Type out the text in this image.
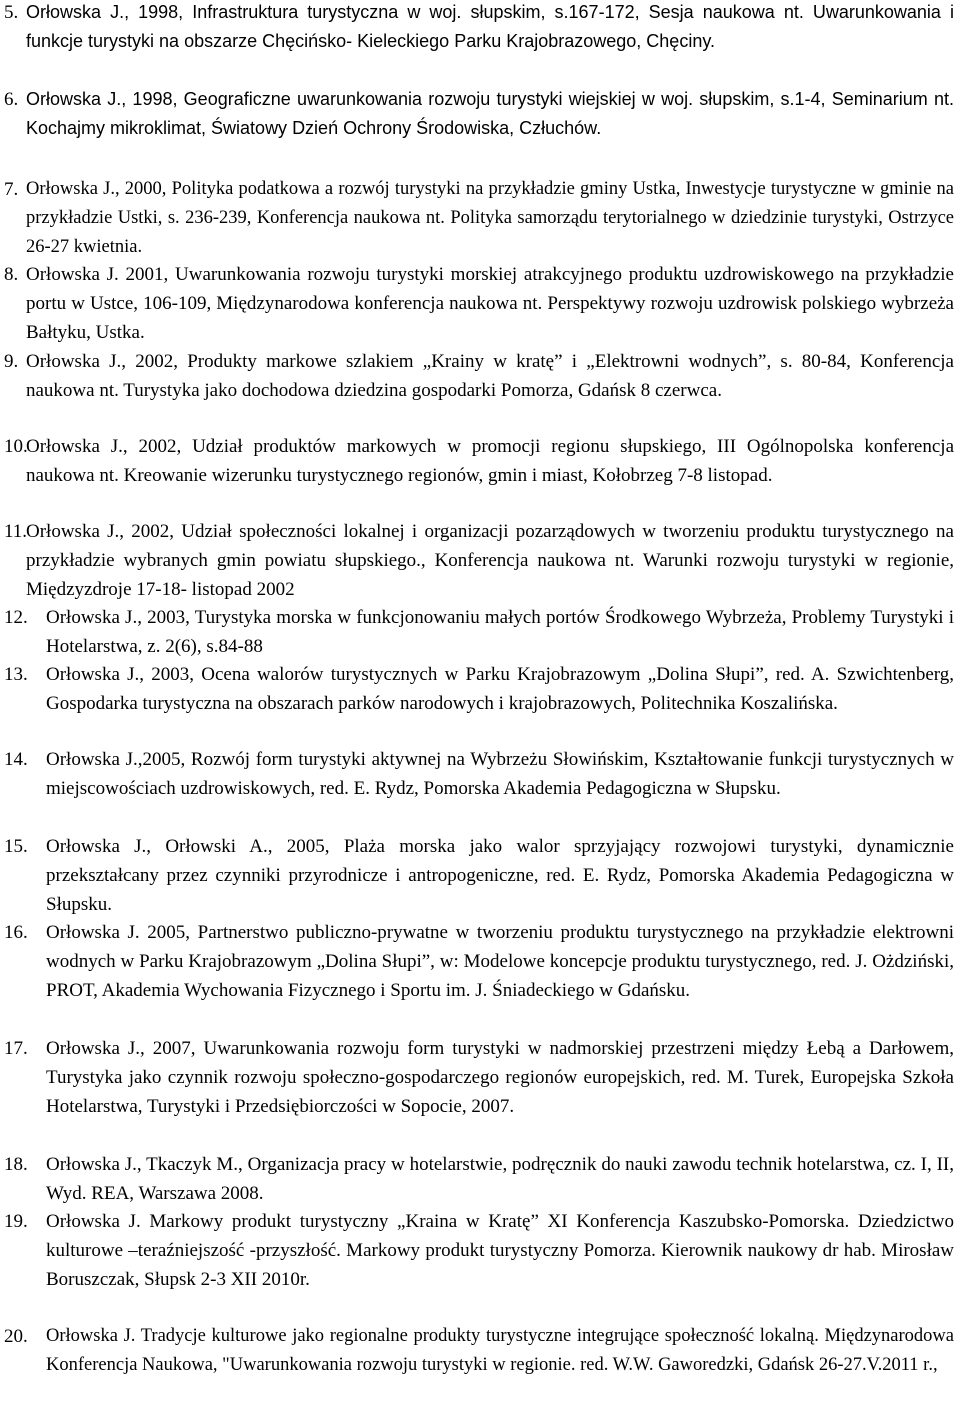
5. Orłowska J., 1998, Infrastruktura turystyczna w woj. słupskim, s.167-172, Sesja naukowa nt. Uwarunkowania i funkcje turystyki na obszarze Chęcińsko- Kieleckiego Parku Krajobrazowego, Chęciny.
6. Orłowska J., 1998, Geograficzne uwarunkowania rozwoju turystyki wiejskiej w woj. słupskim, s.1-4, Seminarium nt. Kochajmy mikroklimat, Światowy Dzień Ochrony Środowiska, Człuchów.
7. Orłowska J., 2000, Polityka podatkowa a rozwój turystyki na przykładzie gminy Ustka, Inwestycje turystyczne w gminie na przykładzie Ustki, s. 236-239, Konferencja naukowa nt. Polityka samorządu terytorialnego w dziedzinie turystyki, Ostrzyce 26-27 kwietnia.
8. Orłowska J. 2001, Uwarunkowania rozwoju turystyki morskiej atrakcyjnego produktu uzdrowiskowego na przykładzie portu w Ustce, 106-109, Międzynarodowa konferencja naukowa nt. Perspektywy rozwoju uzdrowisk polskiego wybrzeża Bałtyku, Ustka.
9. Orłowska J., 2002, Produkty markowe szlakiem „Krainy w kratę” i „Elektrowni wodnych”, s. 80-84, Konferencja naukowa nt. Turystyka jako dochodowa dziedzina gospodarki Pomorza, Gdańsk 8 czerwca.
10.
Orłowska J., 2002, Udział produktów markowych w promocji regionu słupskiego, III Ogólnopolska konferencja naukowa nt. Kreowanie wizerunku turystycznego regionów, gmin i miast, Kołobrzeg 7-8 listopad.
11.
Orłowska J., 2002, Udział społeczności lokalnej i organizacji pozarządowych w tworzeniu produktu turystycznego na przykładzie wybranych gmin powiatu słupskiego., Konferencja naukowa nt. Warunki rozwoju turystyki w regionie, Międzyzdroje 17-18- listopad 2002
12. Orłowska J., 2003, Turystyka morska w funkcjonowaniu małych portów Środkowego Wybrzeża, Problemy Turystyki i Hotelarstwa, z. 2(6), s.84-88
13. Orłowska J., 2003, Ocena walorów turystycznych w Parku Krajobrazowym „Dolina Słupi”, red. A. Szwichtenberg, Gospodarka turystyczna na obszarach parków narodowych i krajobrazowych, Politechnika Koszalińska.
14. Orłowska J.,2005, Rozwój form turystyki aktywnej na Wybrzeżu Słowińskim, Kształtowanie funkcji turystycznych w miejscowościach uzdrowiskowych, red. E. Rydz, Pomorska Akademia Pedagogiczna w Słupsku.
15. Orłowska J., Orłowski A., 2005, Plaża morska jako walor sprzyjający rozwojowi turystyki, dynamicznie przekształcany przez czynniki przyrodnicze i antropogeniczne, red. E. Rydz, Pomorska Akademia Pedagogiczna w Słupsku.
16. Orłowska J. 2005, Partnerstwo publiczno-prywatne w tworzeniu produktu turystycznego na przykładzie elektrowni wodnych w Parku Krajobrazowym „Dolina Słupi”, w: Modelowe koncepcje produktu turystycznego, red. J. Ożdziński, PROT, Akademia Wychowania Fizycznego i Sportu im. J. Śniadeckiego w Gdańsku.
17. Orłowska J., 2007, Uwarunkowania rozwoju form turystyki w nadmorskiej przestrzeni między Łebą a Darłowem, Turystyka jako czynnik rozwoju społeczno-gospodarczego regionów europejskich, red. M. Turek, Europejska Szkoła Hotelarstwa, Turystyki i Przedsiębiorczości w Sopocie, 2007.
18. Orłowska J., Tkaczyk M., Organizacja pracy w hotelarstwie, podręcznik do nauki zawodu technik hotelarstwa, cz. I, II, Wyd. REA, Warszawa 2008.
19. Orłowska J. Markowy produkt turystyczny „Kraina w Kratę” XI Konferencja Kaszubsko-Pomorska. Dziedzictwo kulturowe –teraźniejszość -przyszłość. Markowy produkt turystyczny Pomorza. Kierownik naukowy dr hab. Mirosław Boruszczak, Słupsk 2-3 XII 2010r.
20. Orłowska J. Tradycje kulturowe jako regionalne produkty turystyczne integrujące społeczność lokalną. Międzynarodowa Konferencja Naukowa, "Uwarunkowania rozwoju turystyki w regionie. red. W.W. Gaworedzki, Gdańsk 26-27.V.2011 r.,
